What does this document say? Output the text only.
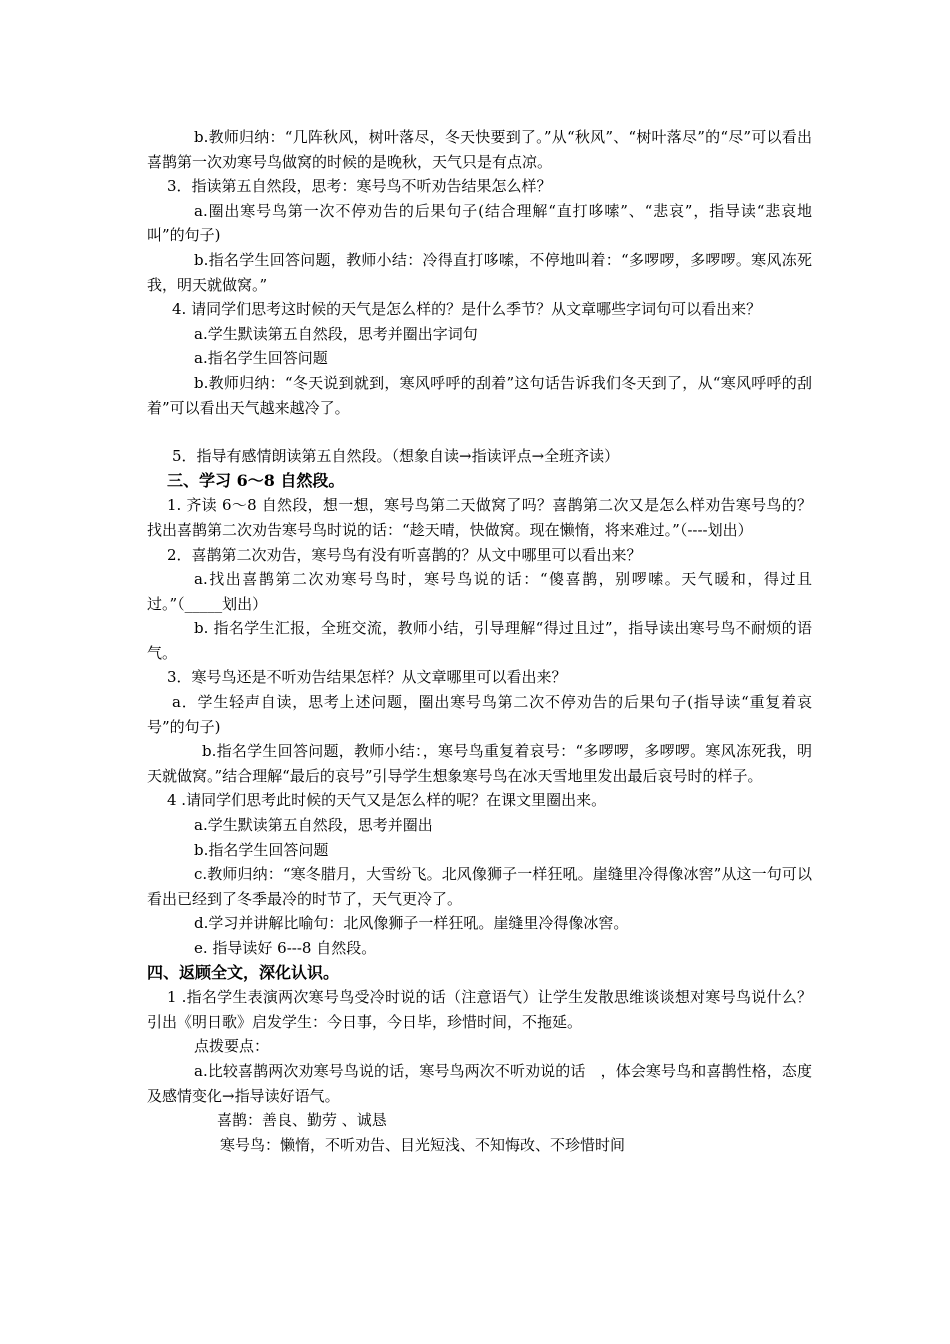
b.教师归纳：“几阵秋风，树叶落尽，冬天快要到了。”从“秋风”、“树叶落尽”的“尽”可以看出喜鹊第一次劝寒号鸟做窝的时候的是晚秋，天气只是有点凉。

3．指读第五自然段，思考：寒号鸟不听劝告结果怎么样？

a.圈出寒号鸟第一次不停劝告的后果句子(结合理解“直打哆嗦”、“悲哀”，指导读“悲哀地叫”的句子)

b.指名学生回答问题，教师小结：冷得直打哆嗦，不停地叫着：“多啰啰，多啰啰。寒风冻死我，明天就做窝。”

4. 请同学们思考这时候的天气是怎么样的？是什么季节？从文章哪些字词句可以看出来？

a.学生默读第五自然段，思考并圈出字词句

a.指名学生回答问题

b.教师归纳：“冬天说到就到，寒风呼呼的刮着”这句话告诉我们冬天到了，从“寒风呼呼的刮着”可以看出天气越来越冷了。

5．指导有感情朗读第五自然段。（想象自读→指读评点→全班齐读）

三、学习 6～8 自然段。

1. 齐读 6～8 自然段，想一想，寒号鸟第二天做窝了吗？喜鹊第二次又是怎么样劝告寒号鸟的？找出喜鹊第二次劝告寒号鸟时说的话：“趁天晴，快做窝。现在懒惰，将来难过。”（----划出）

2．喜鹊第二次劝告，寒号鸟有没有听喜鹊的？从文中哪里可以看出来？

a.找出喜鹊第二次劝寒号鸟时，寒号鸟说的话：“傻喜鹊，别啰嗦。天气暖和，得过且过。”（_____划出）

b. 指名学生汇报，全班交流，教师小结，引导理解“得过且过”，指导读出寒号鸟不耐烦的语气。

3．寒号鸟还是不听劝告结果怎样？从文章哪里可以看出来？

a．学生轻声自读，思考上述问题，圈出寒号鸟第二次不停劝告的后果句子(指导读“重复着哀号”的句子)

b.指名学生回答问题，教师小结：，寒号鸟重复着哀号：“多啰啰，多啰啰。寒风冻死我，明天就做窝。”结合理解“最后的哀号”引导学生想象寒号鸟在冰天雪地里发出最后哀号时的样子。

4 .请同学们思考此时候的天气又是怎么样的呢？在课文里圈出来。

a.学生默读第五自然段，思考并圈出

b.指名学生回答问题

c.教师归纳：“寒冬腊月，大雪纷飞。北风像狮子一样狂吼。崖缝里冷得像冰窖”从这一句可以看出已经到了冬季最冷的时节了，天气更冷了。

d.学习并讲解比喻句：北风像狮子一样狂吼。崖缝里冷得像冰窖。

e. 指导读好 6---8 自然段。

四、返顾全文，深化认识。

1 .指名学生表演两次寒号鸟受冷时说的话（注意语气）让学生发散思维谈谈想对寒号鸟说什么？引出《明日歌》启发学生：今日事，今日毕，珍惜时间，不拖延。

点拨要点：

a.比较喜鹊两次劝寒号鸟说的话，寒号鸟两次不听劝说的话　，体会寒号鸟和喜鹊性格，态度及感情变化→指导读好语气。

喜鹊：善良、勤劳 、诚恳

寒号鸟：懒惰，不听劝告、目光短浅、不知悔改、不珍惜时间
